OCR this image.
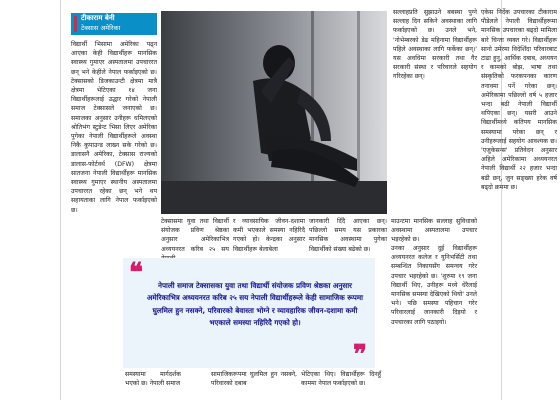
टीकाराम बेनी
टेक्सास अमेरिका
विद्यार्थी भिसामा अमेरिका पढ्न आएका केही विद्यार्थीहरू मानसिक स्वास्थ्य गुमाएर अस्पतालमा उपचाररत छन् भने केहीले नेपाल फर्काइएको छ। टेक्सासको डिजकाउन्टी क्षेत्रमा मात्रै क्षेत्रमा भेटिएका १४ जना विद्यार्थीहरूलाई उद्धार गरेको नेपाली समाज टेक्सासले जनाएको छ। समाजका अनुसार उनीहरू धमिलएको श्रोतिभंग स्टुडेन्ट भिसा लिएर अमेरिका पुगेका नेपाली विद्यार्थीहरूले अवस्था निकै कुपाउन्ड लाख्न सके गरेको छ। डालासनै अमेरिका, टेक्सास राज्यको डालास-फोर्टवर्थ (DFW) क्षेत्रमा सातजना नेपाली विद्यार्थीहरू मानसिक स्वास्थ्य गुमाएर स्थानीय अस्पतालमा उपचाररत रहेका छन् भने थप सहायताका लागि नेपाल फर्काइएको छ।
सल्लाहप्रति सुझाउने बबस्था पुग्ने सल्लाह दिन सकिने अवस्थाका लागि फर्काइएको छ। उनले भने, 'नोभेम्बरको डेढ महिनामा विद्यार्थीहरू पहिले अवस्थाका लागि फर्केका छन्।' यस अवधिमा सरकारी तथा गैर सरकारी संस्था र परिवारले सहयोग गरिरहेका छन्।
एकेस निर्देक उपचारका टीकाराम पौडेलले नेपाली विद्यार्थीहरूमा मानसिक उपचारका बढ्दो मामिला बारे चिन्ता व्यक्त गरे। विद्यार्थीहरू सानो उमेरमा विदेशिँदा परिवारबाट टाढा हुनु, आर्थिक दबाब, अध्ययन र कामको बोझ, भाषा तथा संस्कृतिको फरकपनका कारण तनावमा पर्ने गरेका छन्। अमेरिकामा पछिल्लो वर्ष ५ हजार भन्दा बढी नेपाली विद्यार्थी थपिएका छन्। यसरी आउने विद्यार्थीमध्ये कतिपय मानसिक समस्यामा परेका छन् र उनीहरूलाई सहयोग आवश्यक छ। 'एजुकेसन्स' प्रतिवेदन अनुसार अहिले अमेरिकामा अध्ययनरत नेपाली विद्यार्थी २२ हजार भन्दा बढी छन्, जुन सङ्ख्या हरेक वर्ष बढ्दो क्रममा छ।
टेक्सासमा युवा तथा विद्यार्थी संयोजक प्रविण श्रेष्ठका अनुसार अमेरिकाभित्र अध्ययनरत करिब २५ सय
र व्यावसायिक जीवन-दशामा कमी भएकाले समस्या नहिरिदै गएको हो। केन्द्रका अनुसार विद्यार्थीहरू बेलाबेला
जानकारी दिँदै आएका छन्। पछिल्लो समय यस प्रकारका मानसिक अवस्थामा पुगेका विद्यार्थीको संख्या बढेको छ।
माउन्टमा मानसिक सल्लाह सुविधाको अवस्थामा अस्पतालमा उपचार भइरहेको छ।
उनका अनुसार दुई विद्यार्थीहरू अध्ययनरत कलेज र युनिभर्सिटी तथा सम्बन्धित निकायसँग समन्वय गरेर उपचार भइरहेको छ। 'शुरुमा १९ जना विद्यार्थी थिए, उनीहरू मध्ये धेरैलाई मानसिक समस्या देखिएको थियो' उनले भने। पछि समस्या पहिचान गरेर परिवारलाई जानकारी दिइयो र उपचारका लागि पठाइयो।
❝	नेपाली समाज टेक्सासका युवा तथा विद्यार्थी संयोजक प्रविण श्रेष्ठका अनुसार अमेरिकाभित्र अध्ययनरत करिब २५ सय नेपाली विद्यार्थीहरूले केही सामाजिक रूपमा घुलमिल हुन नसक्ने, परिवारको बेवास्ता भोग्ने र व्यावहारिक जीवन-दशामा कमी भएकाले समस्या नहिरिदै गएको हो।
❞
समस्यामा मार्गदर्शक भएको छ। नेपाली समाज
सामाजिकरूपमा घुलमिल हुन नसक्ने, परिवारको दबाब
भेटिएका थिए। विद्यार्थीहरू दिनहुँ काममा नेपाल फर्काइएको छ।
